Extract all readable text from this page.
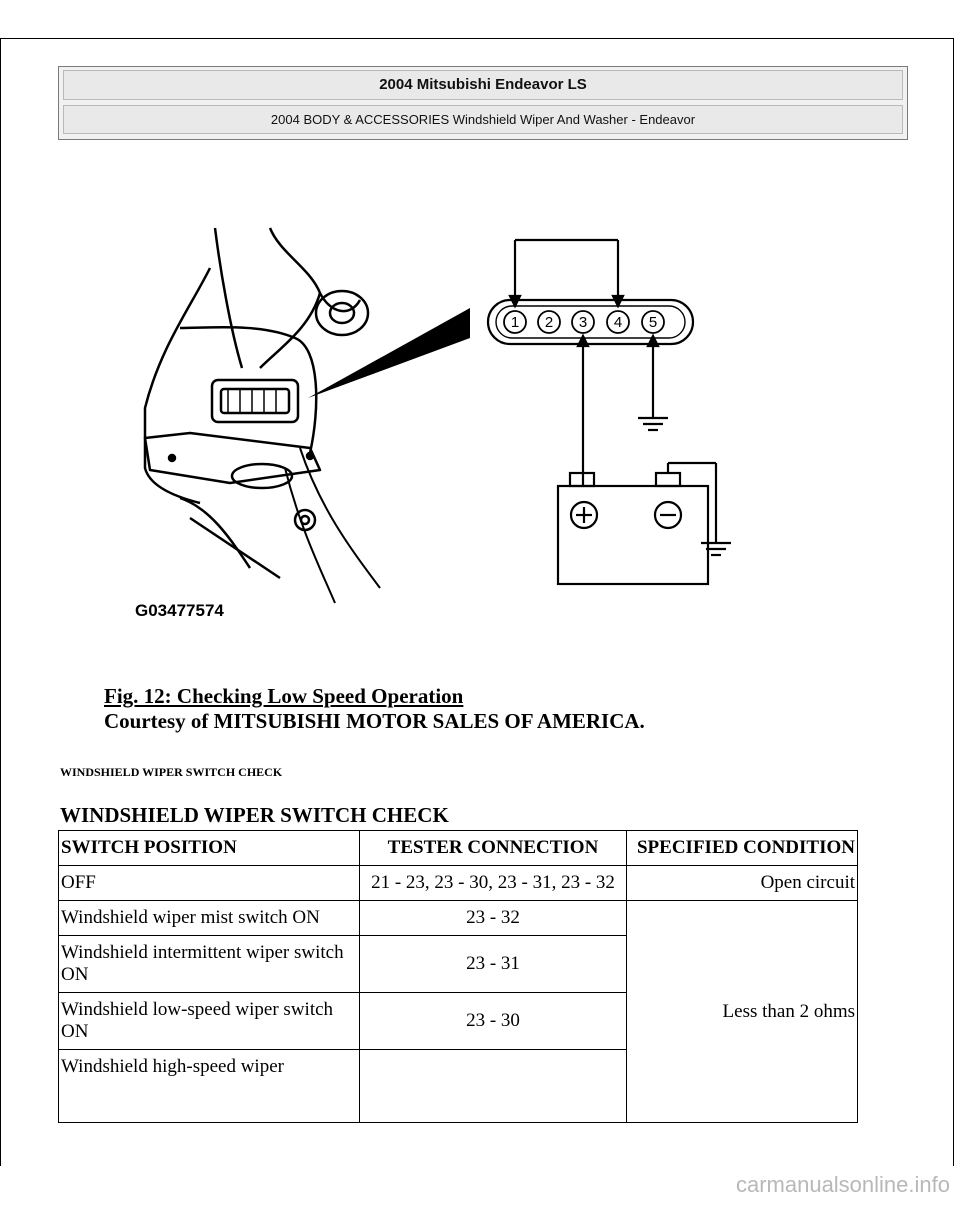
2004 Mitsubishi Endeavor LS
2004 BODY & ACCESSORIES Windshield Wiper And Washer - Endeavor
1 2 3 4 5
G03477574
Fig. 12: Checking Low Speed Operation
Courtesy of MITSUBISHI MOTOR SALES OF AMERICA.
WINDSHIELD WIPER SWITCH CHECK
WINDSHIELD WIPER SWITCH CHECK
SWITCH POSITION	TESTER CONNECTION	SPECIFIED CONDITION
OFF	21 - 23, 23 - 30, 23 - 31, 23 - 32	Open circuit
Windshield wiper mist switch ON	23 - 32	Less than 2 ohms
Windshield intermittent wiper switch ON	23 - 31	
Windshield low-speed wiper switch ON	23 - 30	
Windshield high-speed wiper		
carmanualsonline.info
